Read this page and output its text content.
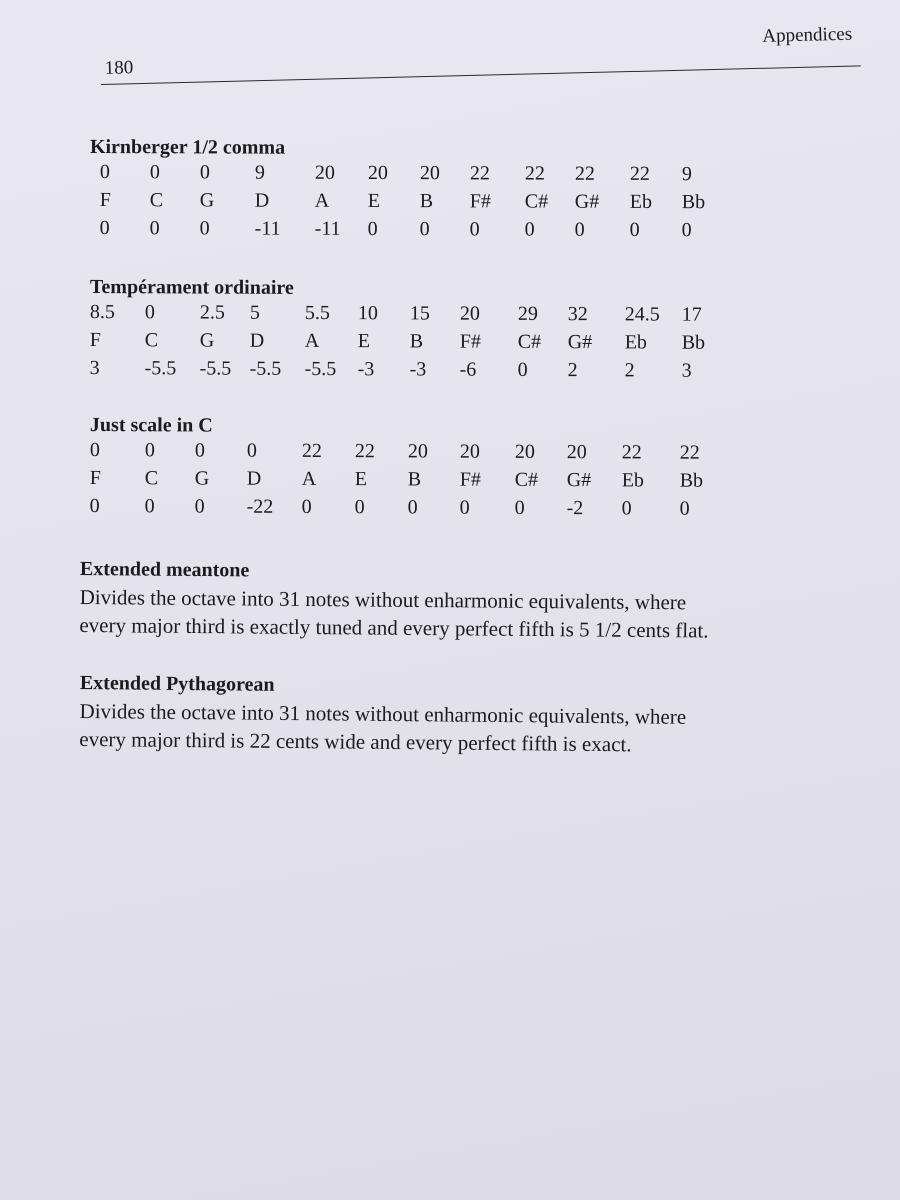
180
Appendices
Kirnberger 1/2 comma
0 0 0 9 20 20 20 22 22 22 22 9
F C G D A E B F# C# G# Eb Bb
0 0 0 -11 -11 0 0 0 0 0 0 0
Tempérament ordinaire
8.5 0 2.5 5 5.5 10 15 20 29 32 24.5 17
F C G D A E B F# C# G# Eb Bb
3 -5.5 -5.5 -5.5 -5.5 -3 -3 -6 0 2 2 3
Just scale in C
0 0 0 0 22 22 20 20 20 20 22 22
F C G D A E B F# C# G# Eb Bb
0 0 0 -22 0 0 0 0 0 -2 0 0
Extended meantone

Divides the octave into 31 notes without enharmonic equivalents, where

every major third is exactly tuned and every perfect fifth is 5 1/2 cents flat.

Extended Pythagorean

Divides the octave into 31 notes without enharmonic equivalents, where

every major third is 22 cents wide and every perfect fifth is exact.
